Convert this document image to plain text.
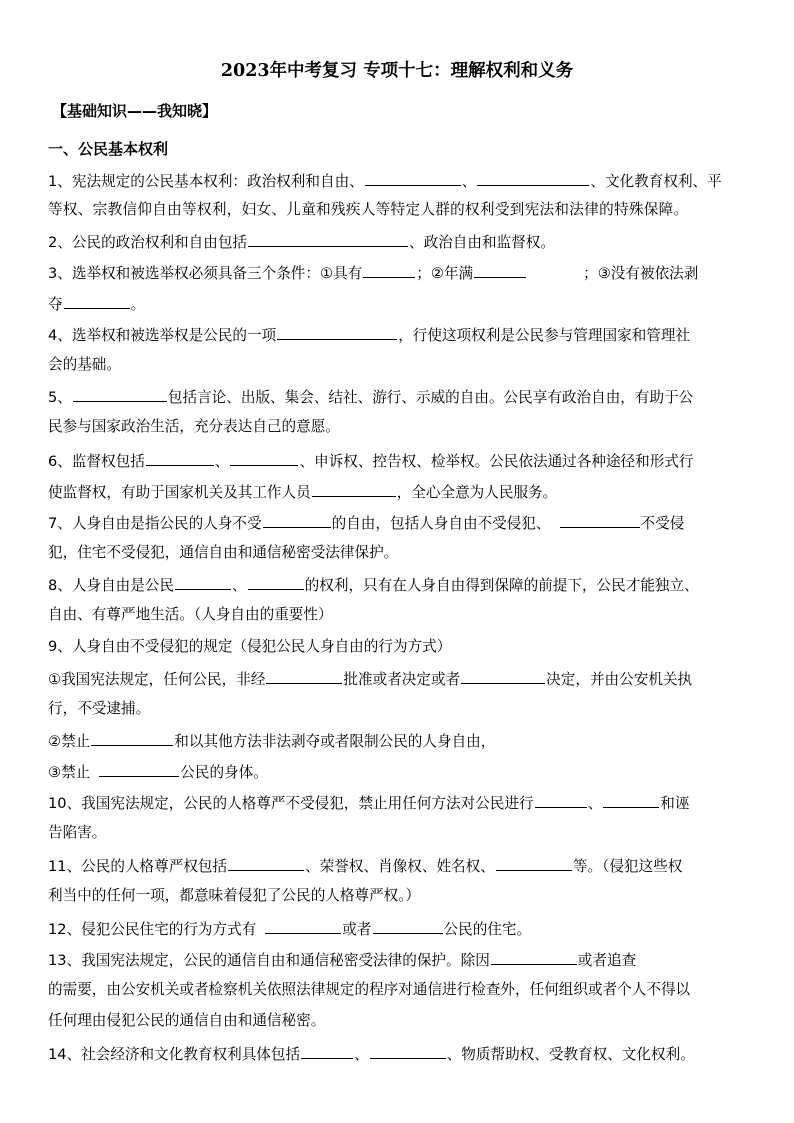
2023年中考复习 专项十七：理解权利和义务
【基础知识——我知晓】
一、公民基本权利
1、宪法规定的公民基本权利：政治权利和自由、	、	、文化教育权利、平
等权、宗教信仰自由等权利，妇女、儿童和残疾人等特定人群的权利受到宪法和法律的特殊保障。
2、公民的政治权利和自由包括	、政治自由和监督权。
3、选举权和被选举权必须具备三个条件：①具有	；②年满	；③没有被依法剥
夺	。
4、选举权和被选举权是公民的一项	，行使这项权利是公民参与管理国家和管理社
会的基础。
5、	包括言论、出版、集会、结社、游行、示威的自由。公民享有政治自由，有助于公
民参与国家政治生活，充分表达自己的意愿。
6、监督权包括	、	、申诉权、控告权、检举权。公民依法通过各种途径和形式行
使监督权，有助于国家机关及其工作人员	，全心全意为人民服务。
7、人身自由是指公民的人身不受	的自由，包括人身自由不受侵犯、	不受侵
犯，住宅不受侵犯，通信自由和通信秘密受法律保护。
8、人身自由是公民	、	的权利，只有在人身自由得到保障的前提下，公民才能独立、
自由、有尊严地生活。（人身自由的重要性）
9、人身自由不受侵犯的规定（侵犯公民人身自由的行为方式）
①我国宪法规定，任何公民，非经	批准或者决定或者	决定，并由公安机关执
行，不受逮捕。
②禁止	和以其他方法非法剥夺或者限制公民的人身自由，
③禁止	公民的身体。
10、我国宪法规定，公民的人格尊严不受侵犯，禁止用任何方法对公民进行	、	和诬
告陷害。
11、公民的人格尊严权包括	、荣誉权、肖像权、姓名权、	等。（侵犯这些权
利当中的任何一项，都意味着侵犯了公民的人格尊严权。）
12、侵犯公民住宅的行为方式有	或者	公民的住宅。
13、我国宪法规定，公民的通信自由和通信秘密受法律的保护。除因	或者追查
的需要，由公安机关或者检察机关依照法律规定的程序对通信进行检查外，任何组织或者个人不得以
任何理由侵犯公民的通信自由和通信秘密。
14、社会经济和文化教育权利具体包括	、	、物质帮助权、受教育权、文化权利。
